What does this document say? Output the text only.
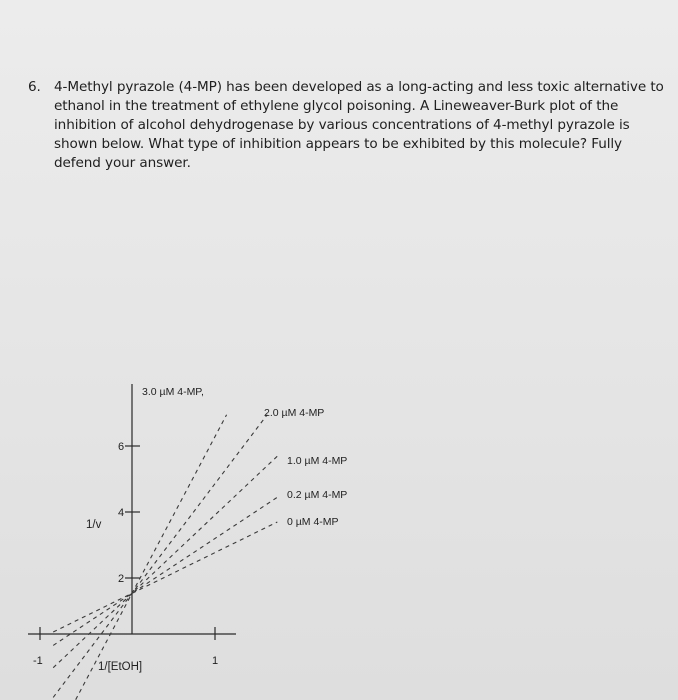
6. 4-Methyl pyrazole (4-MP) has been developed as a long-acting and less toxic alternative to ethanol in the treatment of ethylene glycol poisoning. A Lineweaver-Burk plot of the inhibition of alcohol dehydrogenase by various concentrations of 4-methyl pyrazole is shown below. What type of inhibition appears to be exhibited by this molecule? Fully defend your answer.
-1	1
2
4
6
1/[EtOH]
1/v
3.0 µM 4-MP,
2.0 µM 4-MP
1.0 µM 4-MP
0.2 µM 4-MP
0 µM 4-MP
